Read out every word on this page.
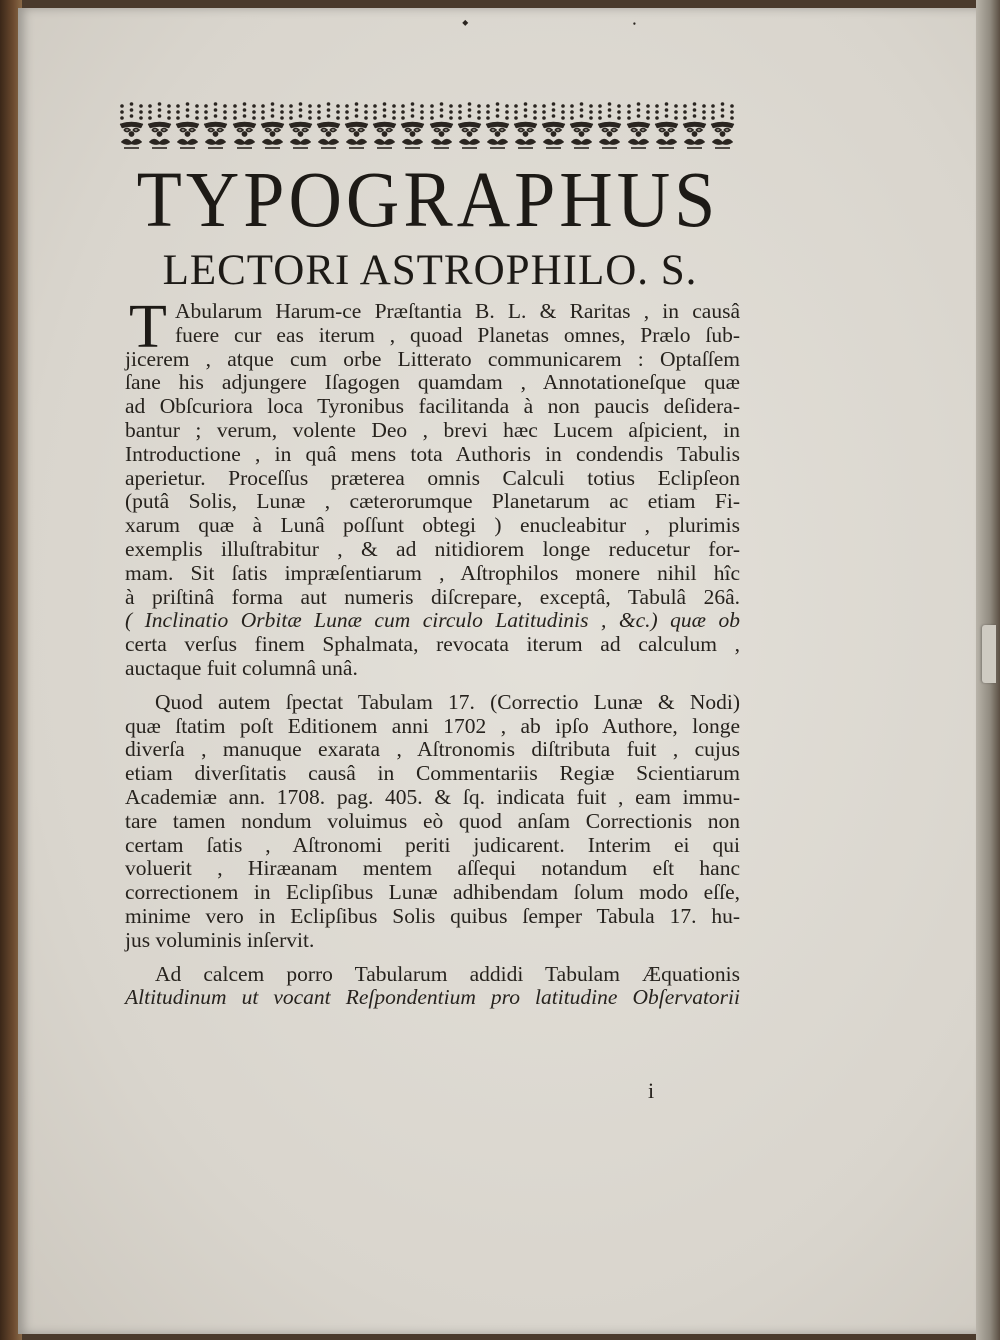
⬩	⸱
TYPOGRAPHUS
LECTORI ASTROPHILO. S.
T Abularum Harum-ce Præſtantia B. L. & Raritas , in causâ
fuere cur eas iterum , quoad Planetas omnes, Prælo ſub-
jicerem , atque cum orbe Litterato communicarem : Optaſſem
ſane his adjungere Iſagogen quamdam , Annotationeſque quæ
ad Obſcuriora loca Tyronibus facilitanda à non paucis deſidera-
bantur ; verum, volente Deo , brevi hæc Lucem aſpicient, in
Introductione , in quâ mens tota Authoris in condendis Tabulis
aperietur. Proceſſus præterea omnis Calculi totius Eclipſeon
(putâ Solis, Lunæ , cæterorumque Planetarum ac etiam Fi-
xarum quæ à Lunâ poſſunt obtegi ) enucleabitur , plurimis
exemplis illuſtrabitur , & ad nitidiorem longe reducetur for-
mam. Sit ſatis impræſentiarum , Aſtrophilos monere nihil hîc
à priſtinâ forma aut numeris diſcrepare, exceptâ, Tabulâ 26â.
( Inclinatio Orbitæ Lunæ cum circulo Latitudinis , &c.) quæ ob
certa verſus finem Sphalmata, revocata iterum ad calculum ,
auctaque fuit columnâ unâ.
Quod autem ſpectat Tabulam 17. (Correctio Lunæ & Nodi)
quæ ſtatim poſt Editionem anni 1702 , ab ipſo Authore, longe
diverſa , manuque exarata , Aſtronomis diſtributa fuit , cujus
etiam diverſitatis causâ in Commentariis Regiæ Scientiarum
Academiæ ann. 1708. pag. 405. & ſq. indicata fuit , eam immu-
tare tamen nondum voluimus eò quod anſam Correctionis non
certam ſatis , Aſtronomi periti judicarent. Interim ei qui
voluerit , Hiræanam mentem aſſequi notandum eſt hanc
correctionem in Eclipſibus Lunæ adhibendam ſolum modo eſſe,
minime vero in Eclipſibus Solis quibus ſemper Tabula 17. hu-
jus voluminis inſervit.
Ad calcem porro Tabularum addidi Tabulam Æquationis
Altitudinum ut vocant Reſpondentium pro latitudine Obſervatorii
i
